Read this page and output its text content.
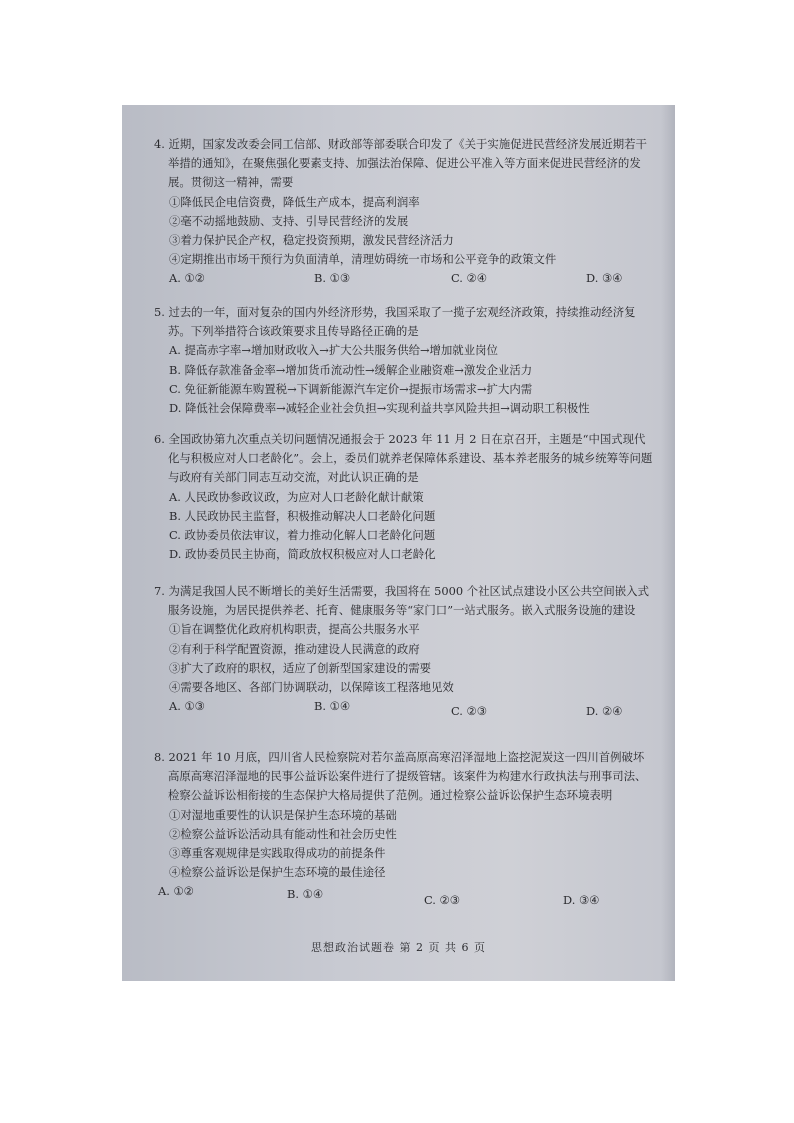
4. 近期，国家发改委会同工信部、财政部等部委联合印发了《关于实施促进民营经济发展近期若干举措的通知》，在聚焦强化要素支持、加强法治保障、促进公平准入等方面来促进民营经济的发展。贯彻这一精神，需要

①降低民企电信资费，降低生产成本，提高利润率

②毫不动摇地鼓励、支持、引导民营经济的发展

③着力保护民企产权，稳定投资预期，激发民营经济活力

④定期推出市场干预行为负面清单，清理妨碍统一市场和公平竞争的政策文件

A. ①②	B. ①③	C. ②④	D. ③④

5. 过去的一年，面对复杂的国内外经济形势，我国采取了一揽子宏观经济政策，持续推动经济复苏。下列举措符合该政策要求且传导路径正确的是

A. 提高赤字率→增加财政收入→扩大公共服务供给→增加就业岗位

B. 降低存款准备金率→增加货币流动性→缓解企业融资难→激发企业活力

C. 免征新能源车购置税→下调新能源汽车定价→提振市场需求→扩大内需

D. 降低社会保障费率→减轻企业社会负担→实现利益共享风险共担→调动职工积极性

6. 全国政协第九次重点关切问题情况通报会于 2023 年 11 月 2 日在京召开，主题是“中国式现代化与积极应对人口老龄化”。会上，委员们就养老保障体系建设、基本养老服务的城乡统筹等问题与政府有关部门同志互动交流，对此认识正确的是

A. 人民政协参政议政，为应对人口老龄化献计献策

B. 人民政协民主监督，积极推动解决人口老龄化问题

C. 政协委员依法审议，着力推动化解人口老龄化问题

D. 政协委员民主协商，简政放权积极应对人口老龄化

7. 为满足我国人民不断增长的美好生活需要，我国将在 5000 个社区试点建设小区公共空间嵌入式服务设施，为居民提供养老、托育、健康服务等“家门口”一站式服务。嵌入式服务设施的建设

①旨在调整优化政府机构职责，提高公共服务水平

②有利于科学配置资源，推动建设人民满意的政府

③扩大了政府的职权，适应了创新型国家建设的需要

④需要各地区、各部门协调联动，以保障该工程落地见效

A. ①③	B. ①④	C. ②③	D. ②④

8. 2021 年 10 月底，四川省人民检察院对若尔盖高原高寒沼泽湿地上盗挖泥炭这一四川首例破坏高原高寒沼泽湿地的民事公益诉讼案件进行了提级管辖。该案件为构建水行政执法与刑事司法、检察公益诉讼相衔接的生态保护大格局提供了范例。通过检察公益诉讼保护生态环境表明

①对湿地重要性的认识是保护生态环境的基础

②检察公益诉讼活动具有能动性和社会历史性

③尊重客观规律是实践取得成功的前提条件

④检察公益诉讼是保护生态环境的最佳途径

A. ①②	B. ①④	C. ②③	D. ③④
思想政治试题卷 第 2 页 共 6 页
